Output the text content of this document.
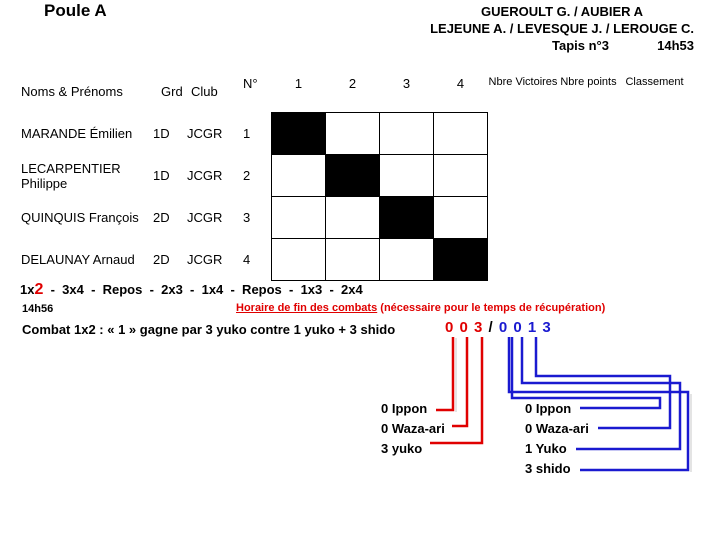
Poule A	GUEROULT G. / AUBIER A
LEJEUNE A. / LEVESQUE J. / LEROUGE C.
Tapis n°3	14h53
Noms & Prénoms	Grd	Club	N°	1	2	3	4	Nbre Victoires	Nbre points	Classement
MARANDE Émilien	1D	JCGR	1							
LECARPENTIER Philippe	1D	JCGR	2							
QUINQUIS François	2D	JCGR	3							
DELAUNAY Arnaud	2D	JCGR	4							
1x2  -  3x4  -  Repos  -  2x3  -  1x4  -  Repos  -  1x3  -  2x4
14h56	Horaire de fin des combats (nécessaire pour le temps de récupération)
Combat 1x2 : « 1 » gagne par 3 yuko contre 1 yuko + 3 shido	0 0 3 / 0 0 1 3
0 Ippon
0 Waza-ari
3 yuko
0 Ippon
0 Waza-ari
1 Yuko
3 shido
